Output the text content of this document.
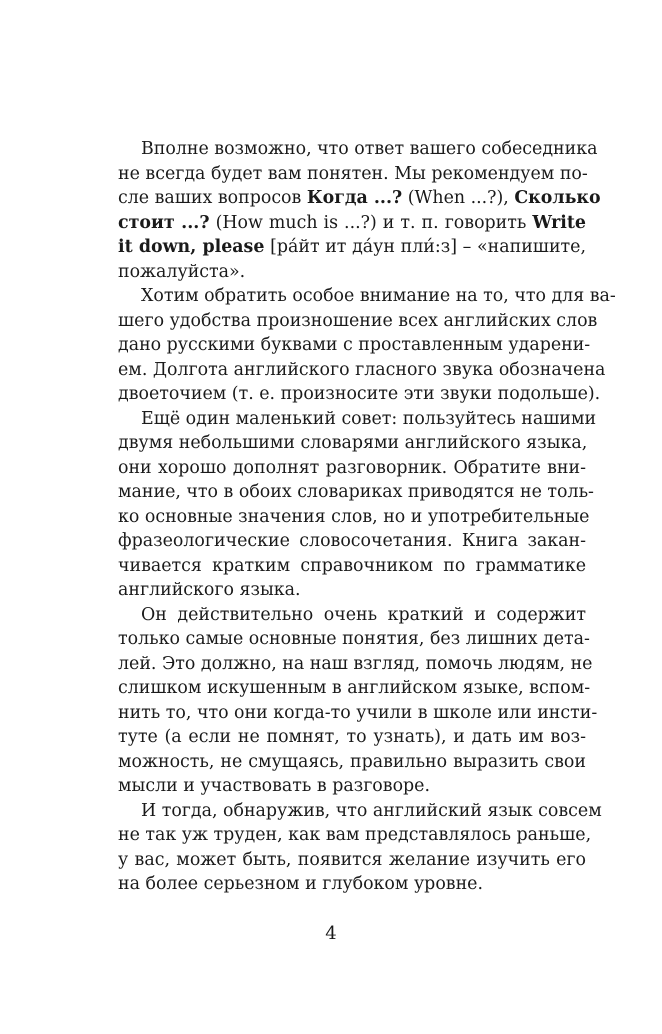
Вполне возможно, что ответ вашего собеседника
не всегда будет вам понятен. Мы рекомендуем по-
сле ваших вопросов Когда ...? (When ...?), Сколько
стоит ...? (How much is ...?) и т. п. говорить Write
it down, please [ра́йт ит да́ун пли́:з] – «напишите,
пожалуйста».
Хотим обратить особое внимание на то, что для ва-
шего удобства произношение всех английских слов
дано русскими буквами с проставленным ударени-
ем. Долгота английского гласного звука обозначена
двоеточием (т. е. произносите эти звуки подольше).
Ещё один маленький совет: пользуйтесь нашими
двумя небольшими словарями английского языка,
они хорошо дополнят разговорник. Обратите вни-
мание, что в обоих словариках приводятся не толь-
ко основные значения слов, но и употребительные
фразеологические словосочетания. Книга закан-
чивается кратким справочником по грамматике
английского языка.
Он действительно очень краткий и содержит
только самые основные понятия, без лишних дета-
лей. Это должно, на наш взгляд, помочь людям, не
слишком искушенным в английском языке, вспом-
нить то, что они когда-то учили в школе или инсти-
туте (а если не помнят, то узнать), и дать им воз-
можность, не смущаясь, правильно выразить свои
мысли и участвовать в разговоре.
И тогда, обнаружив, что английский язык совсем
не так уж труден, как вам представлялось раньше,
у вас, может быть, появится желание изучить его
на более серьезном и глубоком уровне.
4
